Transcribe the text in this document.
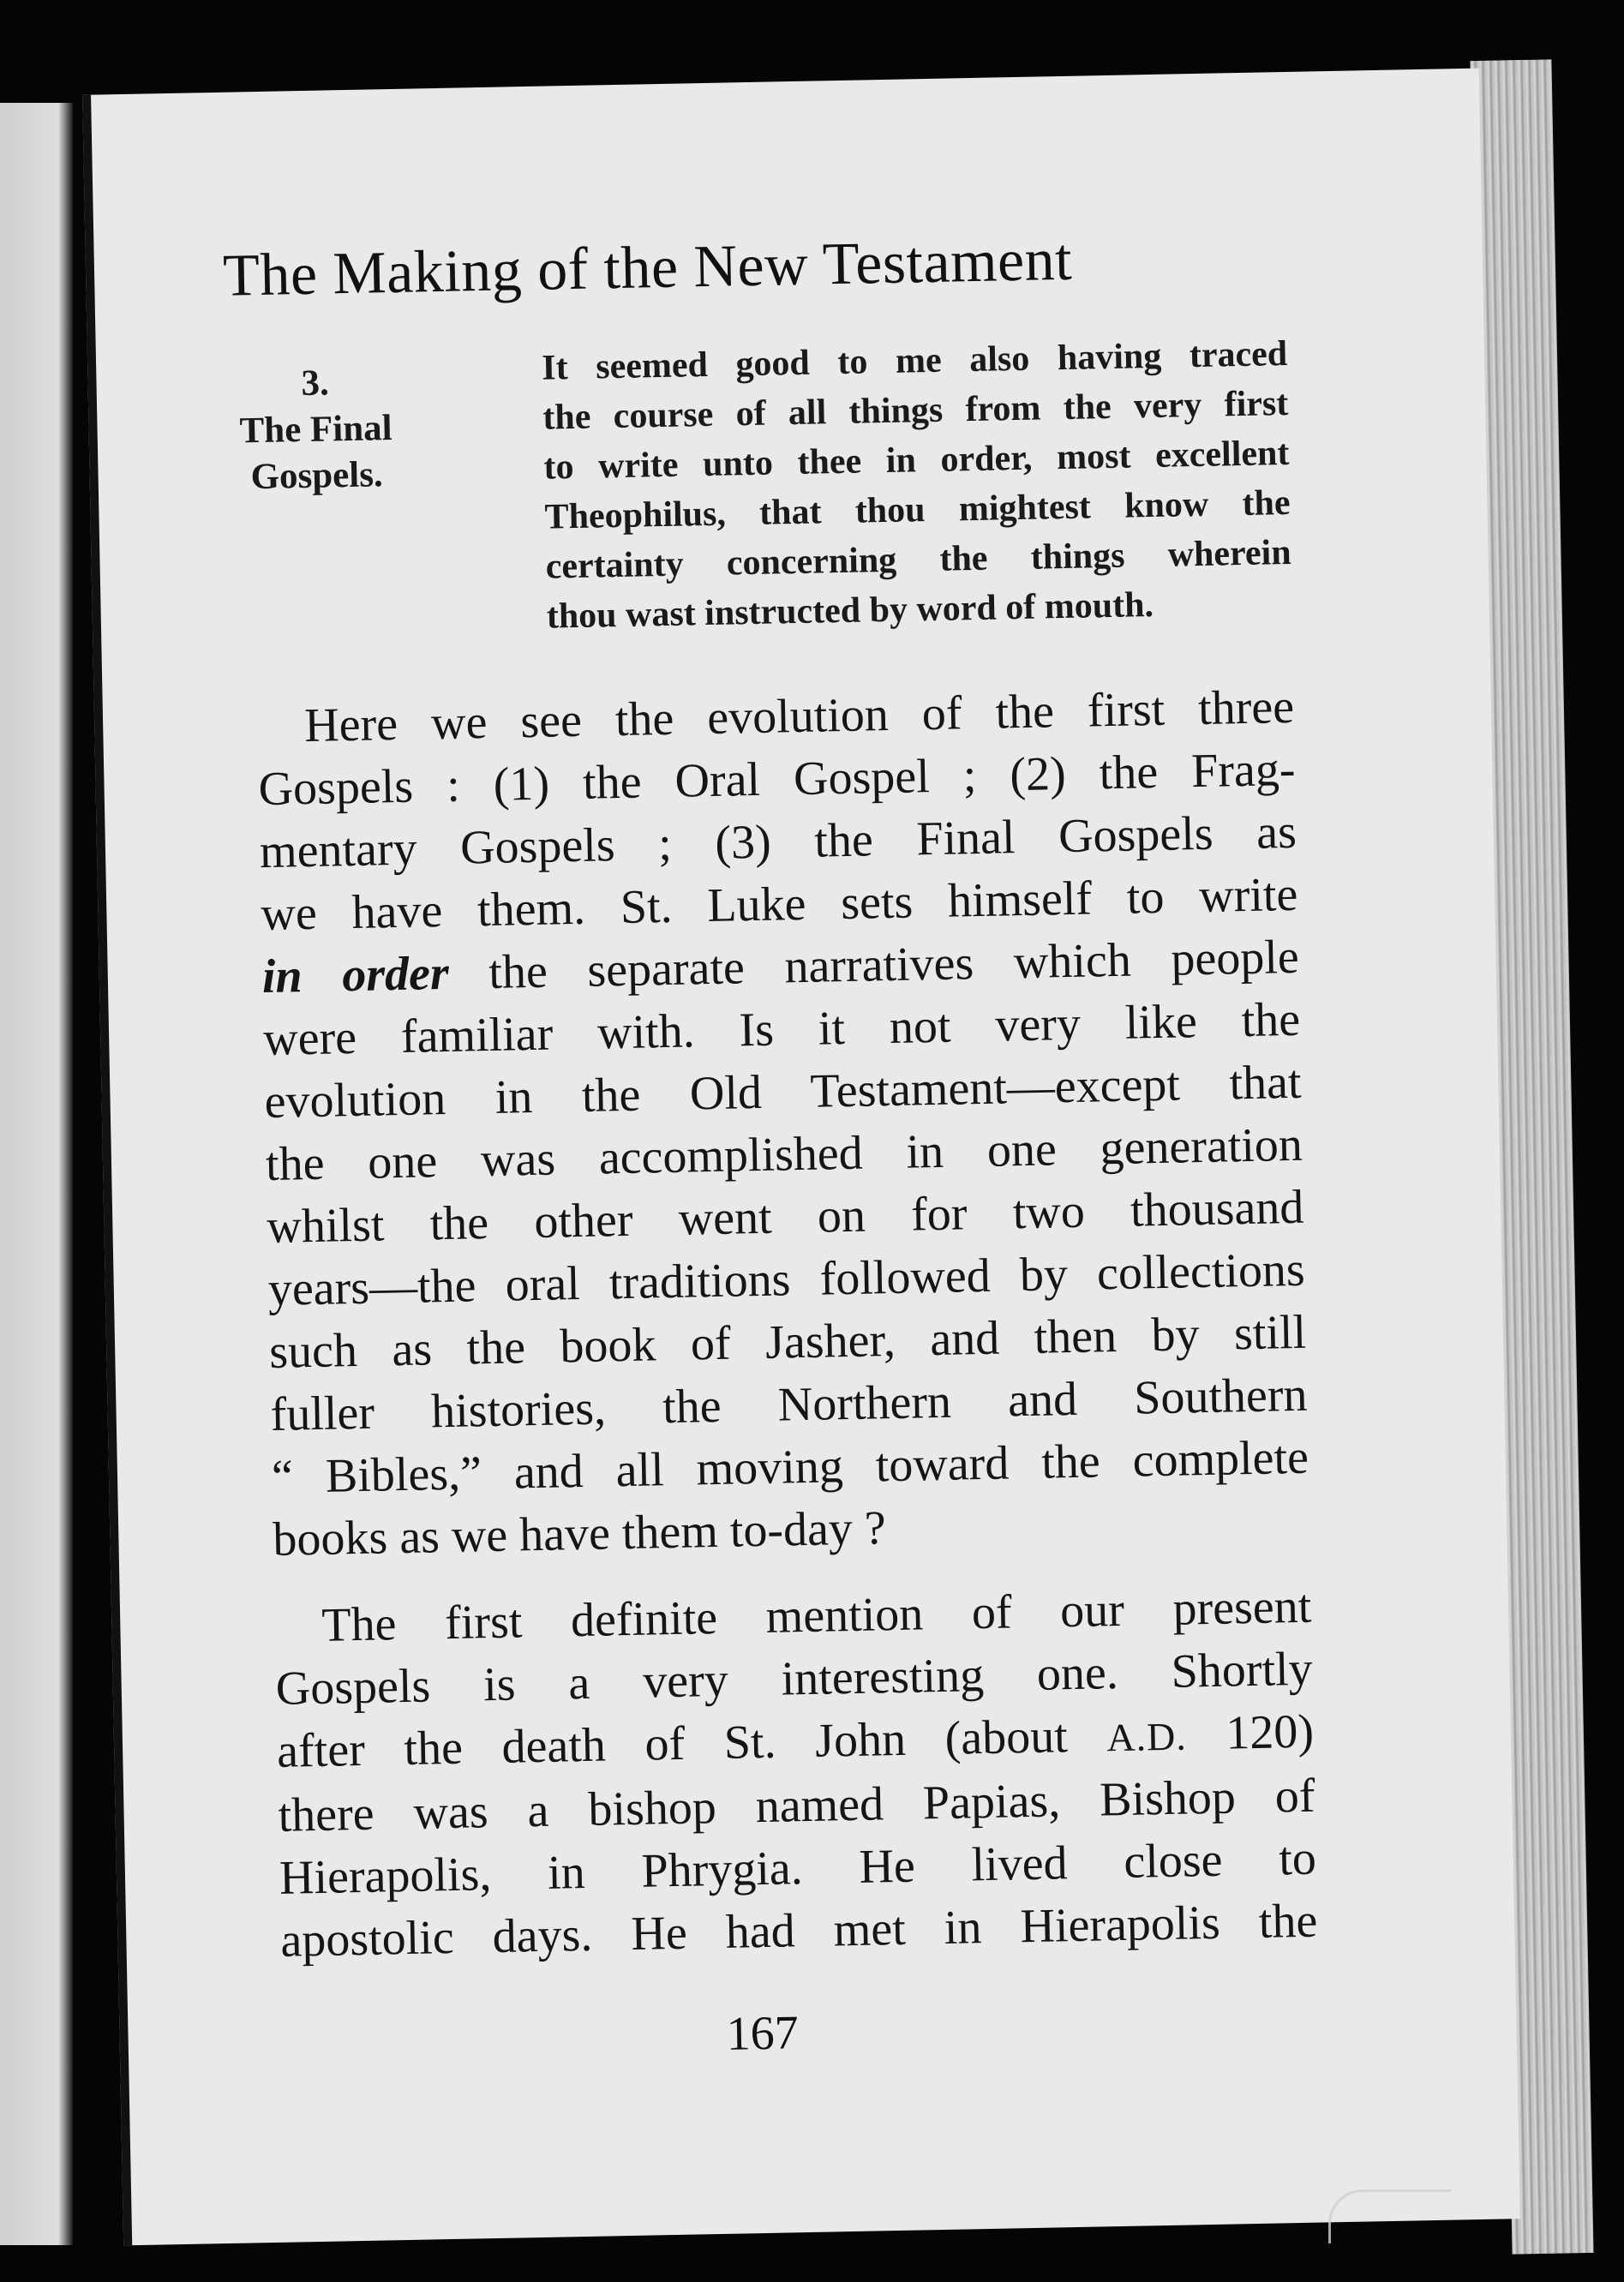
The Making of the New Testament
3.
The Final
Gospels.
It seemed good to me also having traced
the course of all things from the very first
to write unto thee in order, most excellent
Theophilus, that thou mightest know the
certainty concerning the things wherein
thou wast instructed by word of mouth.
Here we see the evolution of the first three
Gospels : (1) the Oral Gospel ; (2) the Frag-
mentary Gospels ; (3) the Final Gospels as
we have them. St. Luke sets himself to write
in order the separate narratives which people
were familiar with. Is it not very like the
evolution in the Old Testament—except that
the one was accomplished in one generation
whilst the other went on for two thousand
years—the oral traditions followed by collections
such as the book of Jasher, and then by still
fuller histories, the Northern and Southern
“ Bibles,” and all moving toward the complete
books as we have them to-day ?
The first definite mention of our present
Gospels is a very interesting one. Shortly
after the death of St. John (about A.D. 120)
there was a bishop named Papias, Bishop of
Hierapolis, in Phrygia. He lived close to
apostolic days. He had met in Hierapolis the
167
